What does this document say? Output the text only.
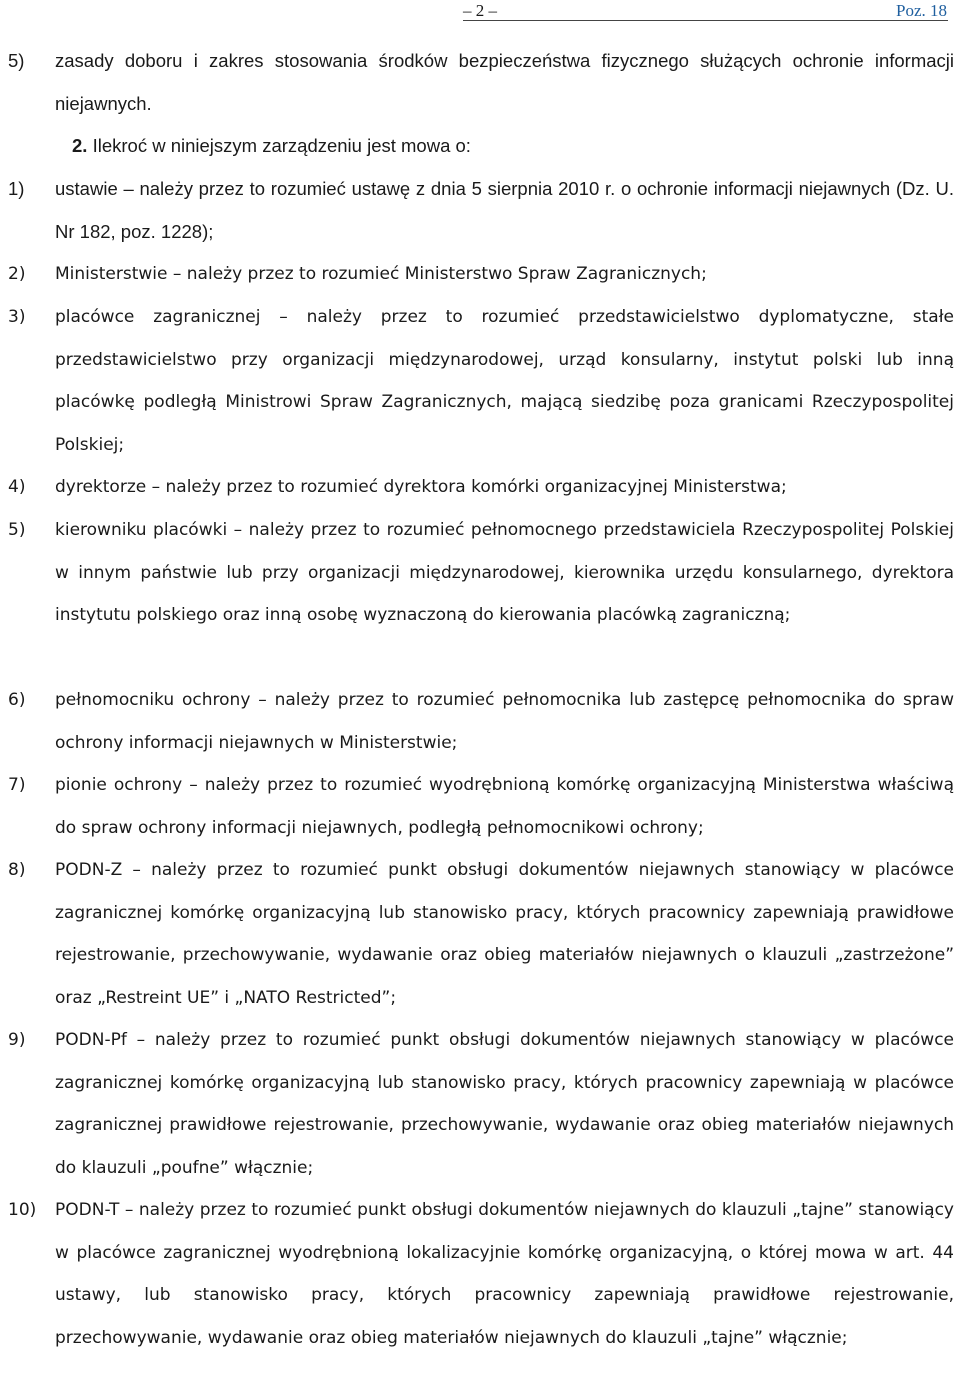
– 2 –	Poz. 18
5) zasady doboru i zakres stosowania środków bezpieczeństwa fizycznego służących ochronie informacji niejawnych.
2. Ilekroć w niniejszym zarządzeniu jest mowa o:
1) ustawie – należy przez to rozumieć ustawę z dnia 5 sierpnia 2010 r. o ochronie informacji niejawnych (Dz. U. Nr 182, poz. 1228);
2) Ministerstwie – należy przez to rozumieć Ministerstwo Spraw Zagranicznych;
3) placówce zagranicznej – należy przez to rozumieć przedstawicielstwo dyplomatyczne, stałe przedstawicielstwo przy organizacji międzynarodowej, urząd konsularny, instytut polski lub inną placówkę podległą Ministrowi Spraw Zagranicznych, mającą siedzibę poza granicami Rzeczypospolitej Polskiej;
4) dyrektorze – należy przez to rozumieć dyrektora komórki organizacyjnej Ministerstwa;
5) kierowniku placówki – należy przez to rozumieć pełnomocnego przedstawiciela Rzeczypospolitej Polskiej w innym państwie lub przy organizacji międzynarodowej, kierownika urzędu konsularnego, dyrektora instytutu polskiego oraz inną osobę wyznaczoną do kierowania placówką zagraniczną;
6) pełnomocniku ochrony – należy przez to rozumieć pełnomocnika lub zastępcę pełnomocnika do spraw ochrony informacji niejawnych w Ministerstwie;
7) pionie ochrony – należy przez to rozumieć wyodrębnioną komórkę organizacyjną Ministerstwa właściwą do spraw ochrony informacji niejawnych, podległą pełnomocnikowi ochrony;
8) PODN-Z – należy przez to rozumieć punkt obsługi dokumentów niejawnych stanowiący w placówce zagranicznej komórkę organizacyjną lub stanowisko pracy, których pracownicy zapewniają prawidłowe rejestrowanie, przechowywanie, wydawanie oraz obieg materiałów niejawnych o klauzuli „zastrzeżone” oraz „Restreint UE” i „NATO Restricted”;
9) PODN-Pf – należy przez to rozumieć punkt obsługi dokumentów niejawnych stanowiący w placówce zagranicznej komórkę organizacyjną lub stanowisko pracy, których pracownicy zapewniają w placówce zagranicznej prawidłowe rejestrowanie, przechowywanie, wydawanie oraz obieg materiałów niejawnych do klauzuli „poufne” włącznie;
10) PODN-T – należy przez to rozumieć punkt obsługi dokumentów niejawnych do klauzuli „tajne” stanowiący w placówce zagranicznej wyodrębnioną lokalizacyjnie komórkę organizacyjną, o której mowa w art. 44 ustawy, lub stanowisko pracy, których pracownicy zapewniają prawidłowe rejestrowanie, przechowywanie, wydawanie oraz obieg materiałów niejawnych do klauzuli „tajne” włącznie;
